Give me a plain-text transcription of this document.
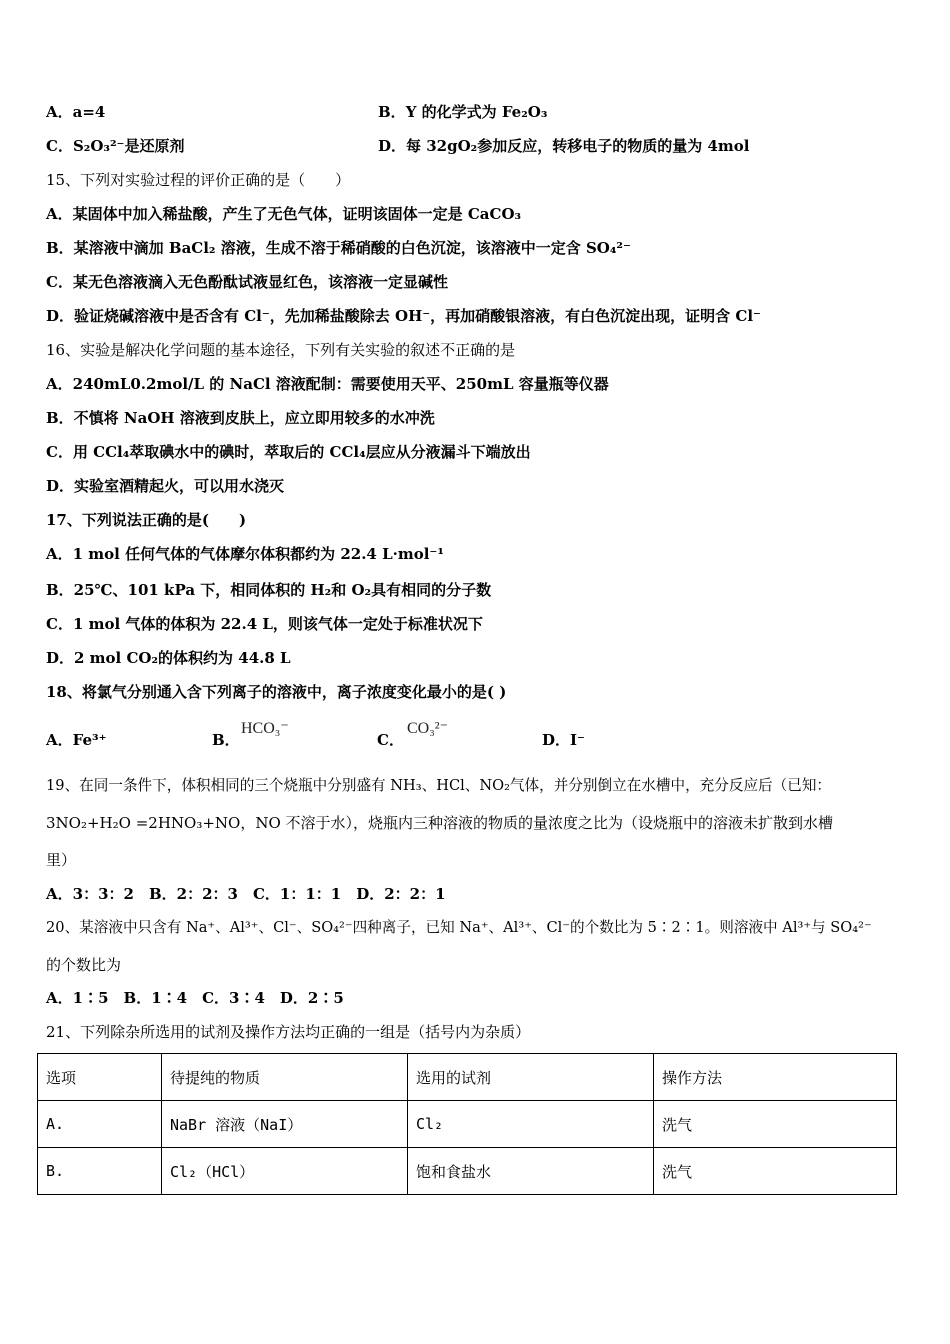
A．a=4	B．Y 的化学式为 Fe₂O₃
C．S₂O₃²⁻是还原剂	D．每 32gO₂参加反应，转移电子的物质的量为 4mol
15、下列对实验过程的评价正确的是（　　）
A．某固体中加入稀盐酸，产生了无色气体，证明该固体一定是 CaCO₃
B．某溶液中滴加 BaCl₂ 溶液，生成不溶于稀硝酸的白色沉淀，该溶液中一定含 SO₄²⁻
C．某无色溶液滴入无色酚酞试液显红色，该溶液一定显碱性
D．验证烧碱溶液中是否含有 Cl⁻，先加稀盐酸除去 OH⁻，再加硝酸银溶液，有白色沉淀出现，证明含 Cl⁻
16、实验是解决化学问题的基本途径，下列有关实验的叙述不正确的是
A．240mL0.2mol/L 的 NaCl 溶液配制：需要使用天平、250mL 容量瓶等仪器
B．不慎将 NaOH 溶液到皮肤上，应立即用较多的水冲洗
C．用 CCl₄萃取碘水中的碘时，萃取后的 CCl₄层应从分液漏斗下端放出
D．实验室酒精起火，可以用水浇灭
17、下列说法正确的是(　　)
A．1 mol 任何气体的气体摩尔体积都约为 22.4 L·mol⁻¹
B．25℃、101 kPa 下，相同体积的 H₂和 O₂具有相同的分子数
C．1 mol 气体的体积为 22.4 L，则该气体一定处于标准状况下
D．2 mol CO₂的体积约为 44.8 L
18、将氯气分别通入含下列离子的溶液中，离子浓度变化最小的是( )
A．Fe³⁺	B．
HCO₃⁻
C．
CO₃²⁻
D．I⁻
19、在同一条件下，体积相同的三个烧瓶中分别盛有 NH₃、HCl、NO₂气体，并分别倒立在水槽中，充分反应后（已知：
3NO₂+H₂O =2HNO₃+NO，NO 不溶于水），烧瓶内三种溶液的物质的量浓度之比为（设烧瓶中的溶液未扩散到水槽
里）
A．3：3：2　B．2：2：3　C．1：1：1　D．2：2：1
20、某溶液中只含有 Na⁺、Al³⁺、Cl⁻、SO₄²⁻四种离子，已知 Na⁺、Al³⁺、Cl⁻的个数比为 5∶2∶1。则溶液中 Al³⁺与 SO₄²⁻
的个数比为
A．1∶5　B．1∶4　C．3∶4　D．2∶5
21、下列除杂所选用的试剂及操作方法均正确的一组是（括号内为杂质）
选项	待提纯的物质	选用的试剂	操作方法
A.	NaBr 溶液（NaI）	Cl₂	洗气
B.	Cl₂（HCl）	饱和食盐水	洗气
